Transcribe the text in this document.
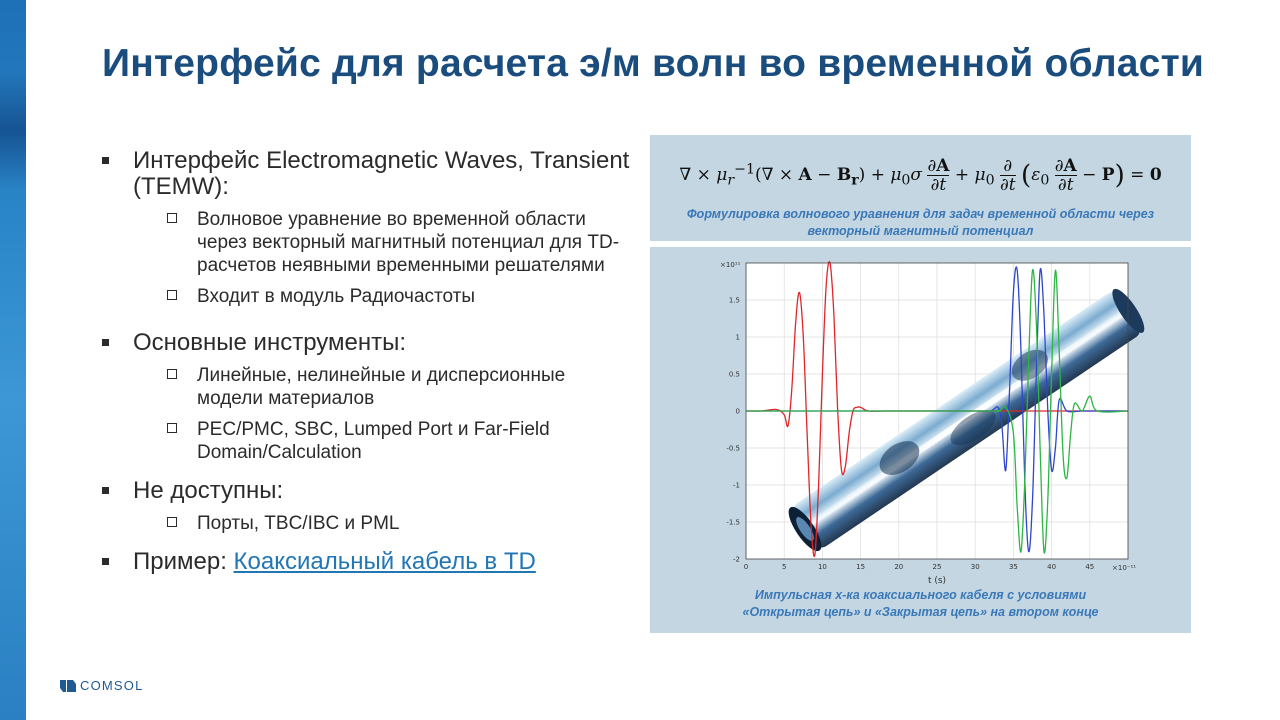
Интерфейс для расчета э/м волн во временной области
Интерфейс Electromagnetic Waves, Transient (TEMW):
Волновое уравнение во временной области через векторный магнитный потенциал для TD-расчетов неявными временными решателями
Входит в модуль Радиочастоты
Основные инструменты:
Линейные, нелинейные и дисперсионные модели материалов
PEC/PMC, SBC, Lumped Port и Far-Field Domain/Calculation
Не доступны:
Порты, TBC/IBC и PML
Пример: Коаксиальный кабель в TD
∇ × $\mu_r^{-1}(\nabla \times A - B_r) + \mu_0\sigma \frac{\partial A}{\partial t} + \mu_0$
∂
∂t $(\varepsilon_0 \frac{\partial A}{\partial t} - P) = 0$
Формулировка волнового уравнения для задач временной области через
векторный магнитный потенциал
0	5	10	15	20	25	30	35	40	45
-2
-1.5
-1
-0.5
0
0.5
1
1.5
×10¹¹
×10⁻¹¹
t (s)
Импульсная х-ка коаксиального кабеля с условиями
«Открытая цепь» и «Закрытая цепь» на втором конце
COMSOL
